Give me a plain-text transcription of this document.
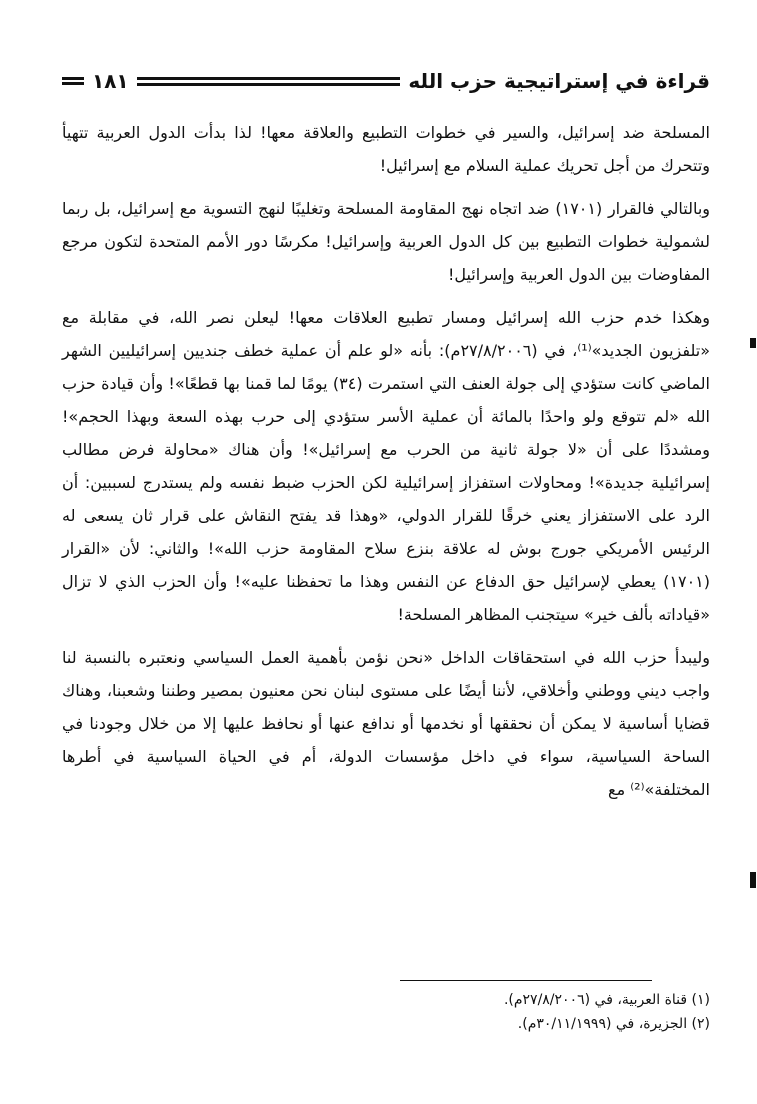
قراءة في إستراتيجية حزب الله
١٨١

المسلحة ضد إسرائيل، والسير في خطوات التطبيع والعلاقة معها! لذا بدأت الدول العربية تتهيأ وتتحرك من أجل تحريك عملية السلام مع إسرائيل!

وبالتالي فالقرار (١٧٠١) ضد اتجاه نهج المقاومة المسلحة وتغليبًا لنهج التسوية مع إسرائيل، بل ربما لشمولية خطوات التطبيع بين كل الدول العربية وإسرائيل! مكرسًا دور الأمم المتحدة لتكون مرجع المفاوضات بين الدول العربية وإسرائيل!

وهكذا خدم حزب الله إسرائيل ومسار تطبيع العلاقات معها! ليعلن نصر الله، في مقابلة مع «تلفزيون الجديد»⁽¹⁾، في (٢٧/٨/٢٠٠٦م): بأنه «لو علم أن عملية خطف جنديين إسرائيليين الشهر الماضي كانت ستؤدي إلى جولة العنف التي استمرت (٣٤) يومًا لما قمنا بها قطعًا»! وأن قيادة حزب الله «لم تتوقع ولو واحدًا بالمائة أن عملية الأسر ستؤدي إلى حرب بهذه السعة وبهذا الحجم»! ومشددًا على أن «لا جولة ثانية من الحرب مع إسرائيل»! وأن هناك «محاولة فرض مطالب إسرائيلية جديدة»! ومحاولات استفزاز إسرائيلية لكن الحزب ضبط نفسه ولم يستدرج لسببين: أن الرد على الاستفزاز يعني خرقًا للقرار الدولي، «وهذا قد يفتح النقاش على قرار ثان يسعى له الرئيس الأمريكي جورج بوش له علاقة بنزع سلاح المقاومة حزب الله»! والثاني: لأن «القرار (١٧٠١) يعطي لإسرائيل حق الدفاع عن النفس وهذا ما تحفظنا عليه»! وأن الحزب الذي لا تزال «قياداته بألف خير» سيتجنب المظاهر المسلحة!

وليبدأ حزب الله في استحقاقات الداخل «نحن نؤمن بأهمية العمل السياسي ونعتبره بالنسبة لنا واجب ديني ووطني وأخلاقي، لأننا أيضًا على مستوى لبنان نحن معنيون بمصير وطننا وشعبنا، وهناك قضايا أساسية لا يمكن أن نحققها أو نخدمها أو ندافع عنها أو نحافظ عليها إلا من خلال وجودنا في الساحة السياسية، سواء في داخل مؤسسات الدولة، أم في الحياة السياسية في أطرها المختلفة»⁽²⁾ مع

(١) قناة العربية، في (٢٧/٨/٢٠٠٦م).

(٢) الجزيرة، في (٣٠/١١/١٩٩٩م).
